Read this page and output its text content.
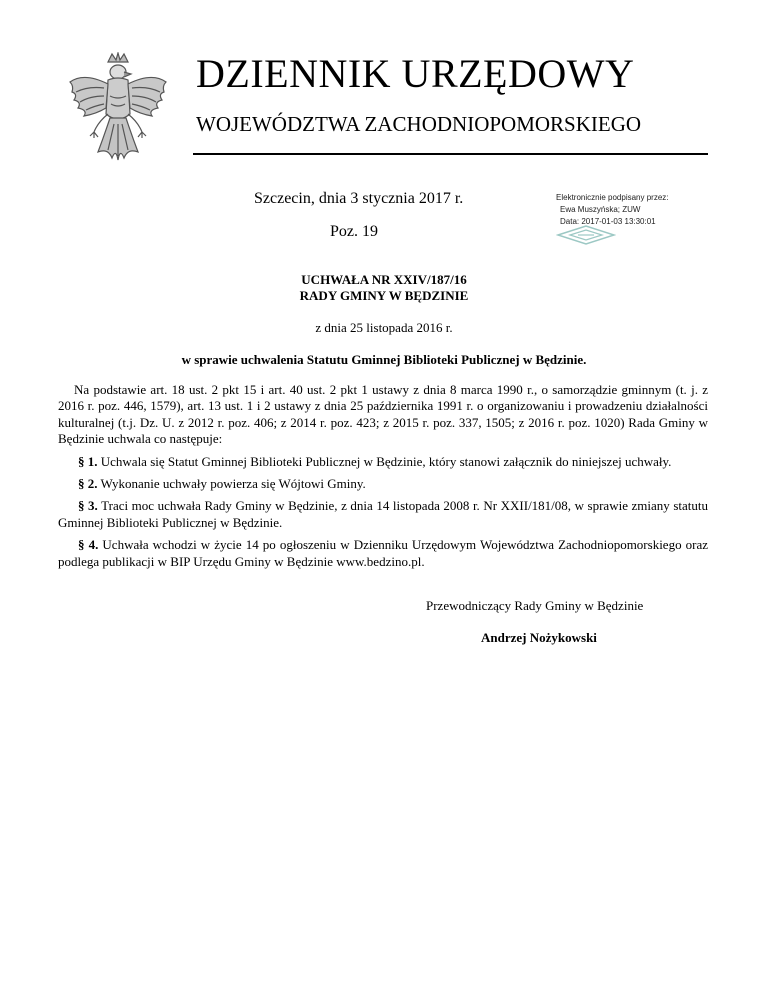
DZIENNIK URZĘDOWY
WOJEWÓDZTWA ZACHODNIOPOMORSKIEGO
Szczecin, dnia 3 stycznia 2017 r.
Poz. 19
Elektronicznie podpisany przez:
Ewa Muszyńska; ZUW
Data: 2017-01-03 13:30:01
UCHWAŁA NR XXIV/187/16
RADY GMINY W BĘDZINIE
z dnia 25 listopada 2016 r.
w sprawie uchwalenia Statutu Gminnej Biblioteki Publicznej w Będzinie.

Na podstawie art. 18 ust. 2 pkt 15 i art. 40 ust. 2 pkt 1 ustawy z dnia 8 marca 1990 r., o samorządzie gminnym (t. j. z 2016 r. poz. 446, 1579), art. 13 ust. 1 i 2 ustawy z dnia 25 października 1991 r. o organizowaniu i prowadzeniu działalności kulturalnej (t.j. Dz. U. z 2012 r. poz. 406; z 2014 r. poz. 423; z 2015 r. poz. 337, 1505; z 2016 r. poz. 1020) Rada Gminy w Będzinie uchwala co następuje:

§ 1. Uchwala się Statut Gminnej Biblioteki Publicznej w Będzinie, który stanowi załącznik do niniejszej uchwały.

§ 2. Wykonanie uchwały powierza się Wójtowi Gminy.

§ 3. Traci moc uchwała Rady Gminy w Będzinie, z dnia 14 listopada 2008 r. Nr XXII/181/08, w sprawie zmiany statutu Gminnej Biblioteki Publicznej w Będzinie.

§ 4. Uchwała wchodzi w życie 14 po ogłoszeniu w Dzienniku Urzędowym Województwa Zachodniopomorskiego oraz podlega publikacji w BIP Urzędu Gminy w Będzinie www.bedzino.pl.

Przewodniczący Rady Gminy w Będzinie
Andrzej Nożykowski
